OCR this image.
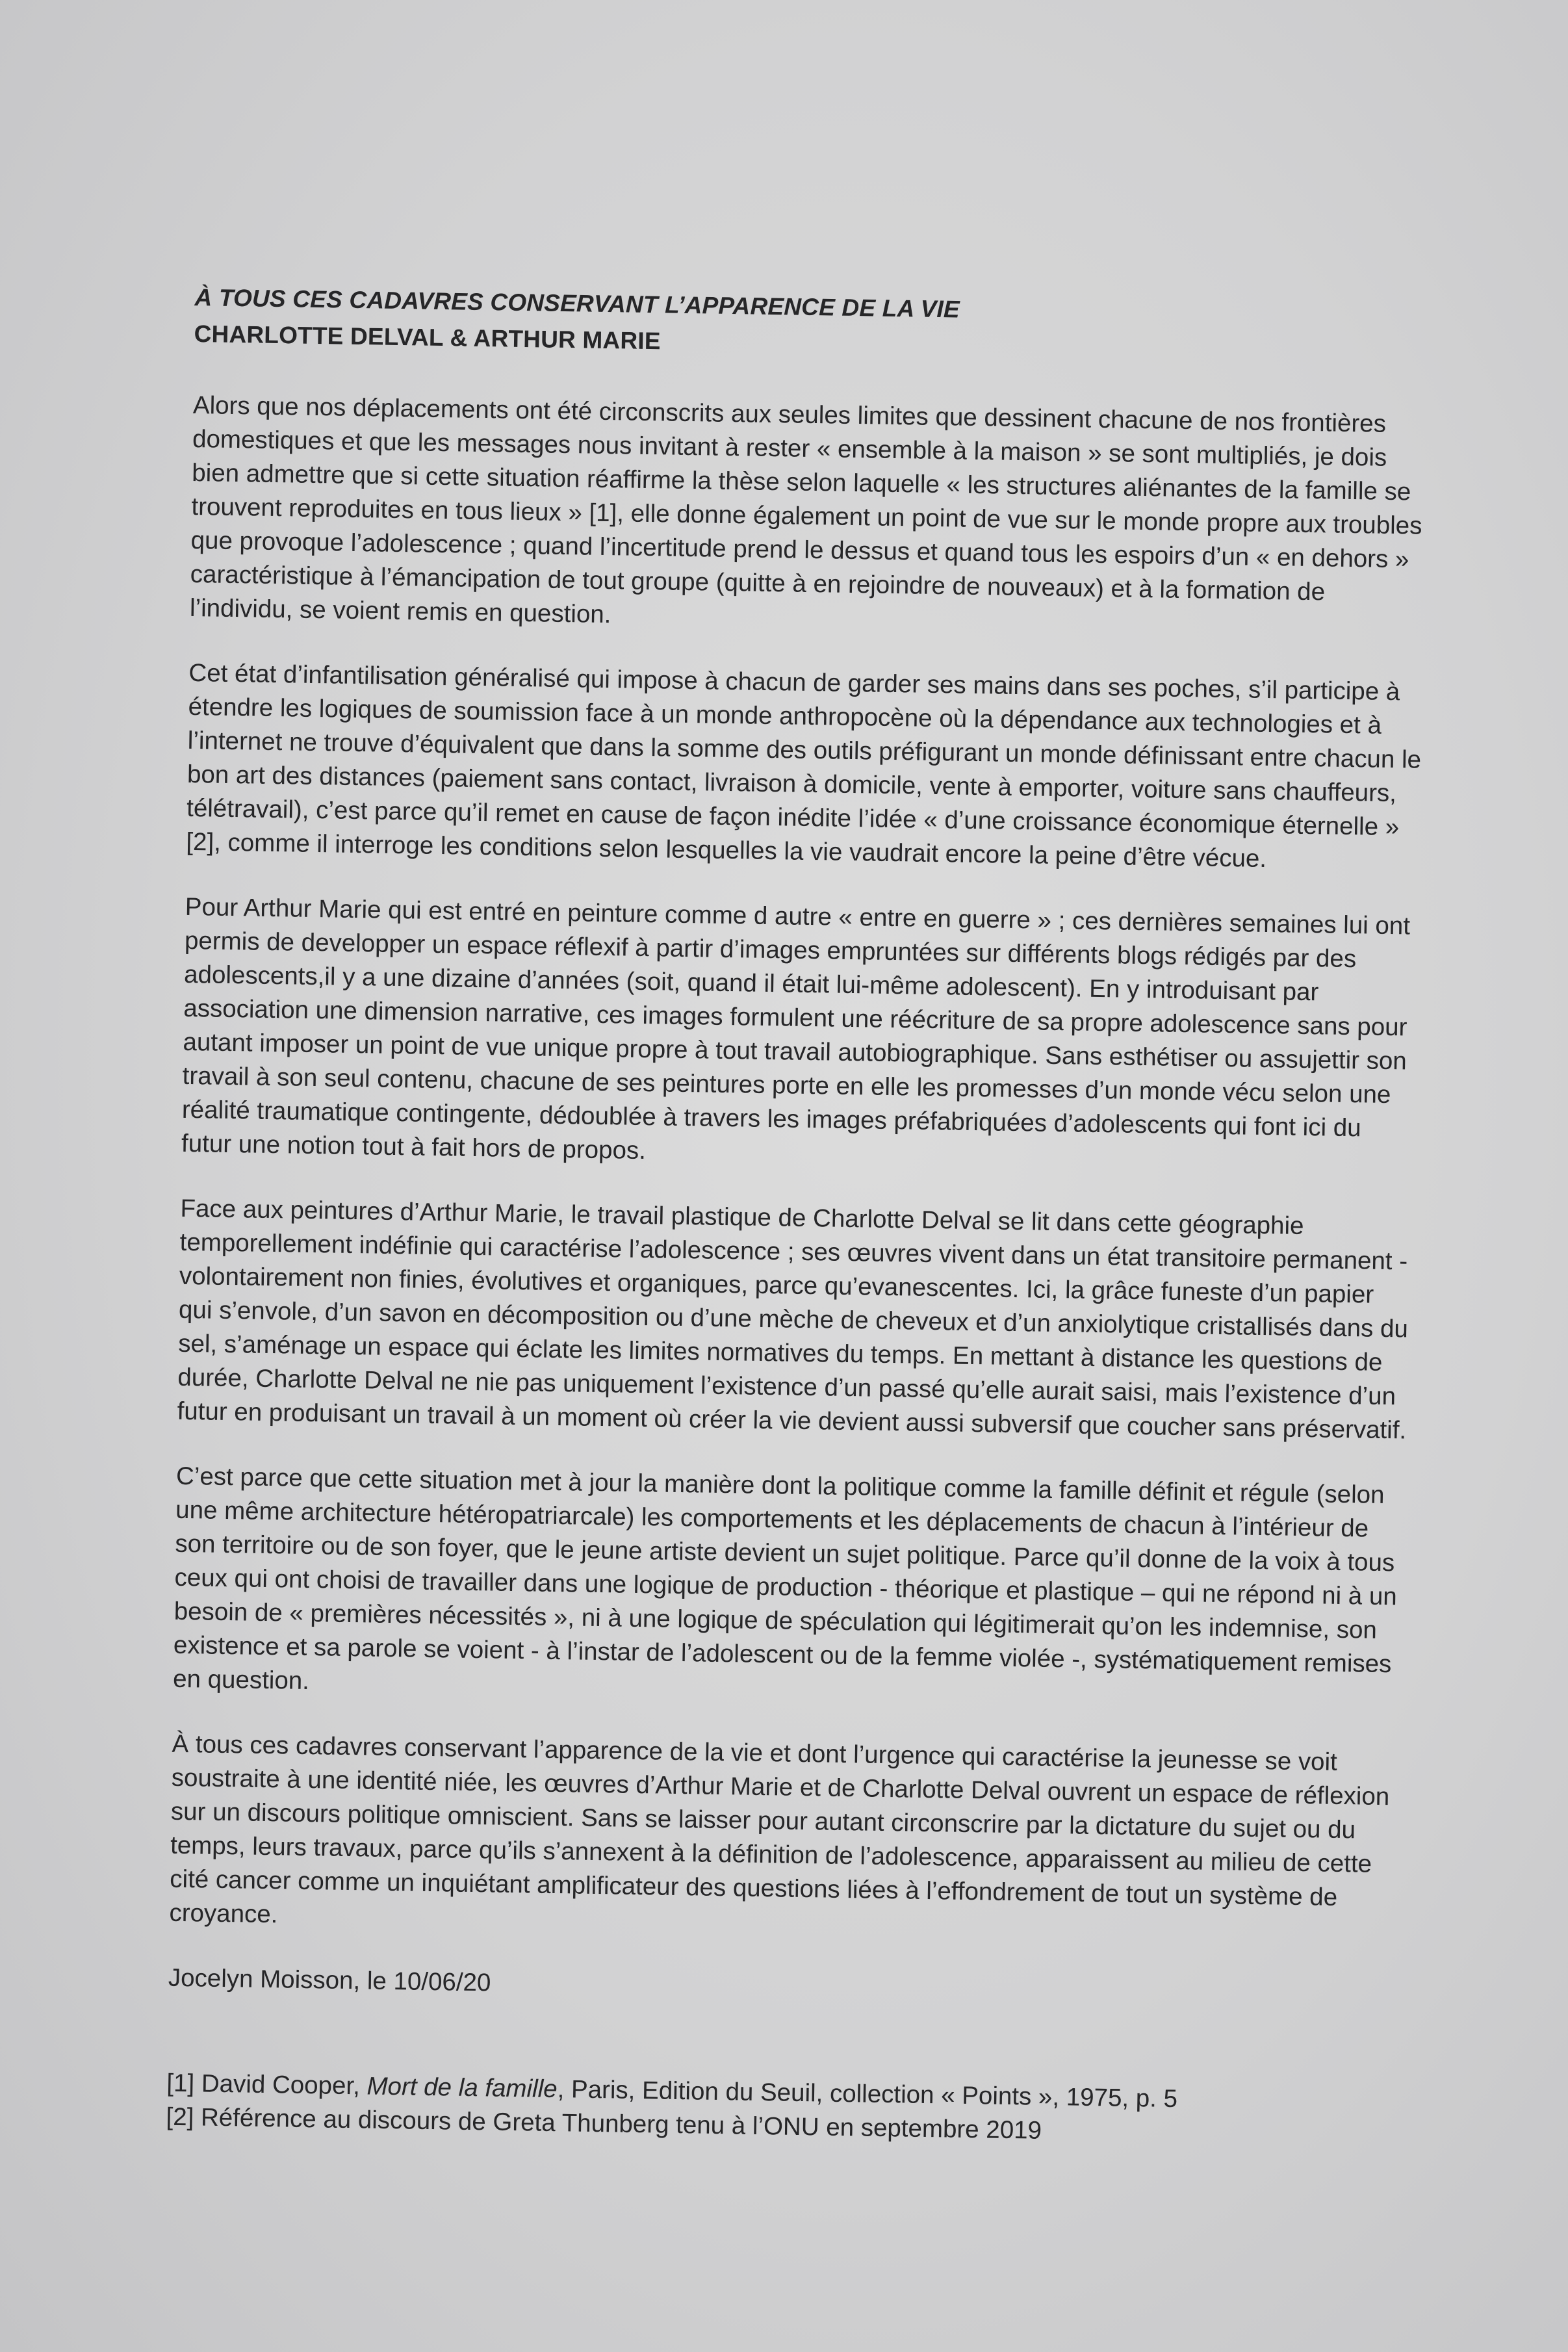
À TOUS CES CADAVRES CONSERVANT L’APPARENCE DE LA VIE

CHARLOTTE DELVAL & ARTHUR MARIE

Alors que nos déplacements ont été circonscrits aux seules limites que dessinent chacune de nos frontières domestiques et que les messages nous invitant à rester « ensemble à la maison » se sont multipliés, je dois bien admettre que si cette situation réaffirme la thèse selon laquelle « les structures aliénantes de la famille se trouvent reproduites en tous lieux » [1], elle donne également un point de vue sur le monde propre aux troubles que provoque l’adolescence ; quand l’incertitude prend le dessus et quand tous les espoirs d’un « en dehors » caractéristique à l’émancipation de tout groupe (quitte à en rejoindre de nouveaux) et à la formation de l’individu, se voient remis en question.

Cet état d’infantilisation généralisé qui impose à chacun de garder ses mains dans ses poches, s’il participe à étendre les logiques de soumission face à un monde anthropocène où la dépendance aux technologies et à l’internet ne trouve d’équivalent que dans la somme des outils préfigurant un monde définissant entre chacun le bon art des distances (paiement sans contact, livraison à domicile, vente à emporter, voiture sans chauffeurs, télétravail), c’est parce qu’il remet en cause de façon inédite l’idée « d’une croissance économique éternelle » [2], comme il interroge les conditions selon lesquelles la vie vaudrait encore la peine d’être vécue.

Pour Arthur Marie qui est entré en peinture comme d autre « entre en guerre » ; ces dernières semaines lui ont permis de developper un espace réflexif à partir d’images empruntées sur différents blogs rédigés par des adolescents,il y a une dizaine d’années (soit, quand il était lui-même adolescent). En y introduisant par association une dimension narrative, ces images formulent une réécriture de sa propre adolescence sans pour autant imposer un point de vue unique propre à tout travail autobiographique. Sans esthétiser ou assujettir son travail à son seul contenu, chacune de ses peintures porte en elle les promesses d’un monde vécu selon une réalité traumatique contingente, dédoublée à travers les images préfabriquées d’adolescents qui font ici du futur une notion tout à fait hors de propos.

Face aux peintures d’Arthur Marie, le travail plastique de Charlotte Delval se lit dans cette géographie temporellement indéfinie qui caractérise l’adolescence ; ses œuvres vivent dans un état transitoire permanent - volontairement non finies, évolutives et organiques, parce qu’evanescentes. Ici, la grâce funeste d’un papier qui s’envole, d’un savon en décomposition ou d’une mèche de cheveux et d’un anxiolytique cristallisés dans du sel, s’aménage un espace qui éclate les limites normatives du temps. En mettant à distance les questions de durée, Charlotte Delval ne nie pas uniquement l’existence d’un passé qu’elle aurait saisi, mais l’existence d’un futur en produisant un travail à un moment où créer la vie devient aussi subversif que coucher sans préservatif.

C’est parce que cette situation met à jour la manière dont la politique comme la famille définit et régule (selon une même architecture hétéropatriarcale) les comportements et les déplacements de chacun à l’intérieur de son territoire ou de son foyer, que le jeune artiste devient un sujet politique. Parce qu’il donne de la voix à tous ceux qui ont choisi de travailler dans une logique de production - théorique et plastique – qui ne répond ni à un besoin de « premières nécessités », ni à une logique de spéculation qui légitimerait qu’on les indemnise, son existence et sa parole se voient - à l’instar de l’adolescent ou de la femme violée -, systématiquement remises en question.

À tous ces cadavres conservant l’apparence de la vie et dont l’urgence qui caractérise la jeunesse se voit soustraite à une identité niée, les œuvres d’Arthur Marie et de Charlotte Delval ouvrent un espace de réflexion sur un discours politique omniscient. Sans se laisser pour autant circonscrire par la dictature du sujet ou du temps, leurs travaux, parce qu’ils s’annexent à la définition de l’adolescence, apparaissent au milieu de cette cité cancer comme un inquiétant amplificateur des questions liées à l’effondrement de tout un système de croyance.

Jocelyn Moisson, le 10/06/20

[1] David Cooper, Mort de la famille, Paris, Edition du Seuil, collection « Points », 1975, p. 5

[2] Référence au discours de Greta Thunberg tenu à l’ONU en septembre 2019
